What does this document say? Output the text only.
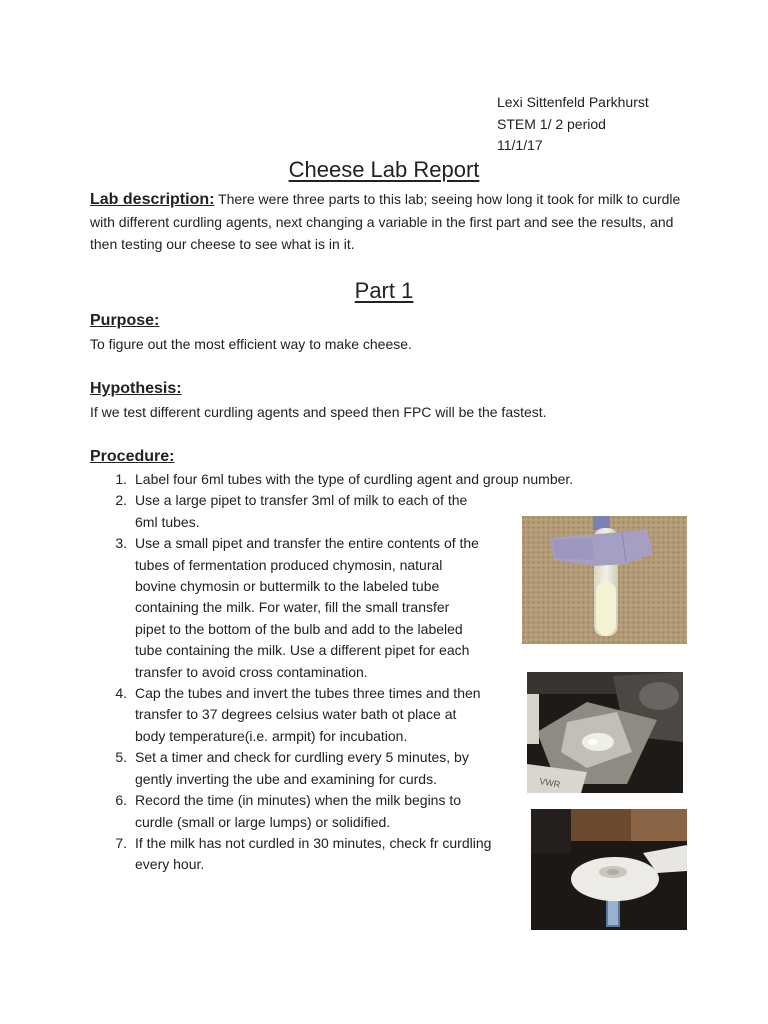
Lexi Sittenfeld Parkhurst
STEM 1/ 2 period
11/1/17
Cheese Lab Report
Lab description: There were three parts to this lab; seeing how long it took for milk to curdle with different curdling agents, next changing a variable in the first part and see the results, and then testing our cheese to see what is in it.
Part 1
Purpose:
To figure out the most efficient way to make cheese.
Hypothesis:
If we test different curdling agents and speed then FPC will be the fastest.
Procedure:
1. Label four 6ml tubes with the type of curdling agent and group number.
2. Use a large pipet to transfer 3ml of milk to each of the
6ml tubes.
3. Use a small pipet and transfer the entire contents of the
tubes of fermentation produced chymosin, natural
bovine chymosin or buttermilk to the labeled tube
containing the milk. For water, fill the small transfer
pipet to the bottom of the bulb and add to the labeled
tube containing the milk. Use a different pipet for each
transfer to avoid cross contamination.
4. Cap the tubes and invert the tubes three times and then
transfer to 37 degrees celsius water bath ot place at
body temperature(i.e. armpit) for incubation.
5. Set a timer and check for curdling every 5 minutes, by
gently inverting the ube and examining for curds.
6. Record the time (in minutes) when the milk begins to
curdle (small or large lumps) or solidified.
7. If the milk has not curdled in 30 minutes, check fr curdling
every hour.
VWR
